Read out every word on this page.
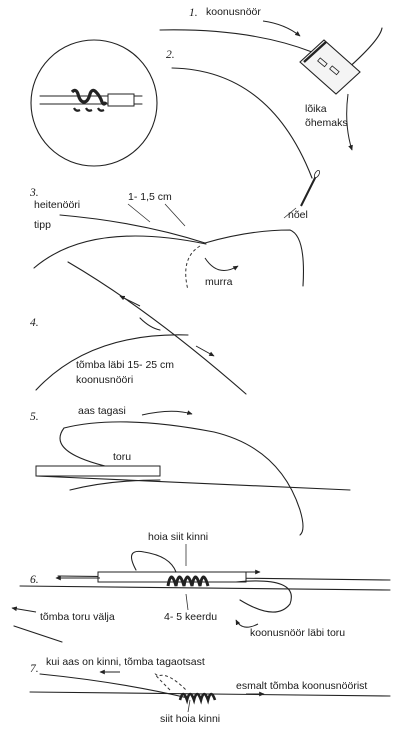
1. koonusnöör
lõika
õhemaks
2.
nõel
3.
heitenööri
tipp
1- 1,5 cm
murra
4.
tõmba läbi 15- 25 cm
koonusnööri
5.	aas tagasi
toru
6.
hoia siit kinni
4- 5 keerdu
tõmba toru välja
koonusnöör läbi toru
7.
kui aas on kinni, tõmba tagaotsast
esmalt tõmba koonusnöörist
siit hoia kinni
